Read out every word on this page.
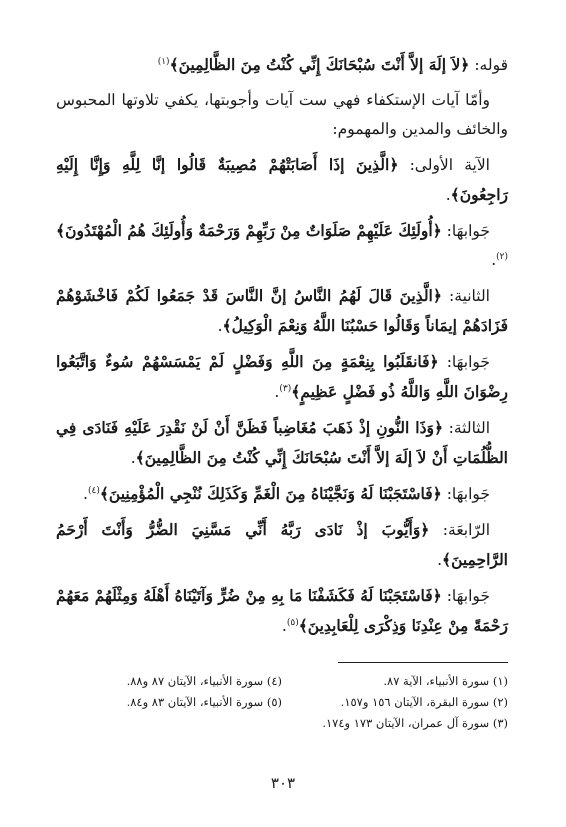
قوله: ﴿لاَ إلَهَ إلاَّ أَنْتَ سُبْحَانَكَ إِنِّي كُنْتُ مِنَ الظَّالِمِينَ﴾$^{(١)}$

وأمّا آيات الإستكفاء فهي ست آيات وأجوبتها، يكفي تلاوتها المحبوس والخائف والمدين والمهموم:

الآية الأولى: ﴿الَّذِينَ إذَا أَصَابَتْهُمْ مُصِيبَةٌ قَالُوا إنَّا لِلَّهِ وَإِنَّا إِلَيْهِ رَاجِعُونَ﴾.

جَوابهَا: ﴿أُولَئِكَ عَلَيْهِمْ صَلَوَاتٌ مِنْ رَبِّهِمْ وَرَحْمَةٌ وَأُولَئِكَ هُمُ الْمُهْتَدُونَ﴾$^{(٢)}$.

الثانية: ﴿الَّذِينَ قَالَ لَهُمُ النَّاسُ إنَّ النَّاسَ قَدْ جَمَعُوا لَكُمْ فَاخْشَوْهُمْ فَزَادَهُمْ إيمَاناً وَقَالُوا حَسْبُنَا اللَّهُ وَنِعْمَ الْوَكِيلُ﴾.

جَوابهَا: ﴿فَانقَلَبُوا بِنِعْمَةٍ مِنَ اللَّهِ وَفَضْلٍ لَمْ يَمْسَسْهُمْ سُوءٌ وَاتَّبَعُوا رِضْوَانَ اللَّهِ وَاللَّهُ ذُو فَضْلٍ عَظِيمٍ﴾$^{(٣)}$.

الثالثة: ﴿وَذَا النُّونِ إذْ ذَهَبَ مُغَاضِباً فَظَنَّ أَنْ لَنْ نَقْدِرَ عَلَيْهِ فَنَادَى فِي الظُّلُمَاتِ أَنْ لاَ إلَهَ إلاَّ أَنْتَ سُبْحَانَكَ إِنِّي كُنْتُ مِنَ الظَّالِمِينَ﴾.

جَوابهَا: ﴿فَاسْتَجَبْنَا لَهُ وَنَجَّيْنَاهُ مِنَ الْغَمِّ وَكَذَلِكَ نُنْجِي الْمُؤْمِنِينَ﴾$^{(٤)}$.

الرّابعَة: ﴿وَأَيُّوبَ إذْ نَادَى رَبَّهُ أَنِّي مَسَّنِيَ الضُّرُّ وَأَنْتَ أَرْحَمُ الرَّاحِمِينَ﴾.

جَوابهَا: ﴿فَاسْتَجَبْنَا لَهُ فَكَشَفْنَا مَا بِهِ مِنْ ضُرٍّ وَآتَيْنَاهُ أَهْلَهُ وَمِثْلَهُمْ مَعَهُمْ رَحْمَةً مِنْ عِنْدِنَا وَذِكْرَى لِلْعَابِدِينَ﴾$^{(٥)}$.

(١) سورة الأنبياء، الآية ٨٧.
(٢) سورة البقرة، الآيتان ١٥٦ و١٥٧.
(٣) سورة آل عمران، الآيتان ١٧٣ و١٧٤.
(٤) سورة الأنبياء، الآيتان ٨٧ و٨٨.
(٥) سورة الأنبياء، الآيتان ٨٣ و٨٤.
٣٠٣
